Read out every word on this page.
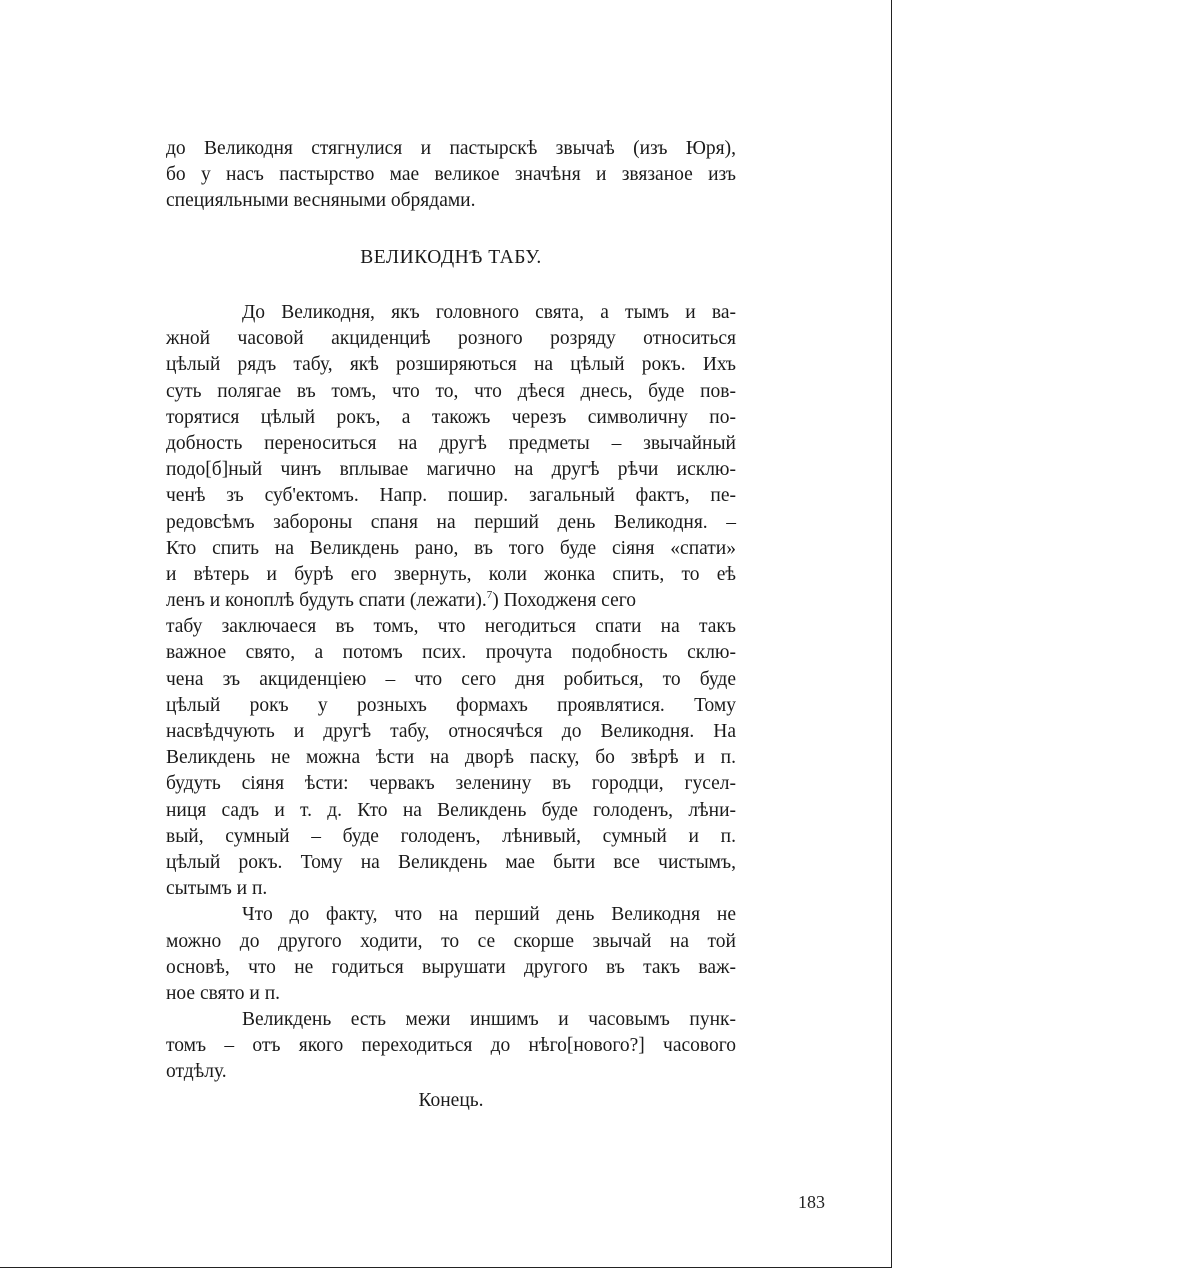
до Великодня стягнулися и пастырскѣ звычаѣ (изъ Юря),
бо у насъ пастырство мае великое значѣня и звязаное изъ
специяльными весняными обрядами.
ВЕЛИКОДНѢ ТАБУ.
До Великодня, якъ головного свята, а тымъ и ва-
жной часовой акциденциѣ розного розряду относиться
цѣлый рядъ табу, якѣ розширяються на цѣлый рокъ. Ихъ
суть полягае въ томъ, что то, что дѣеся днесь, буде пов-
торятися цѣлый рокъ, а такожъ черезъ символичну по-
добность переноситься на другѣ предметы – звычайный
подо[б]ный чинъ вплывае магично на другѣ рѣчи исклю-
ченѣ зъ суб'ектомъ. Напр. пошир. загальный фактъ, пе-
редовсѣмъ забороны спаня на перший день Великодня. –
Кто спить на Великдень рано, въ того буде сіяня «спати»
и вѣтерь и бурѣ его звернуть, коли жонка спить, то еѣ
ленъ и коноплѣ будуть спати (лежати).$^7$) Походженя сего
табу заключаеся въ томъ, что негодиться спати на такъ
важное свято, а потомъ псих. прочута подобность склю-
чена зъ акциденціею – что сего дня робиться, то буде
цѣлый рокъ у розныхъ формахъ проявлятися. Тому
насвѣдчують и другѣ табу, относячѣся до Великодня. На
Великдень не можна ѣсти на дворѣ паску, бо звѣрѣ и п.
будуть сіяня ѣсти: червакъ зеленину въ городци, гусел-
ниця садъ и т. д. Кто на Великдень буде голоденъ, лѣни-
вый, сумный – буде голоденъ, лѣнивый, сумный и п.
цѣлый рокъ. Тому на Великдень мае быти все чистымъ,
сытымъ и п.
Что до факту, что на перший день Великодня не
можно до другого ходити, то се скорше звычай на той
основѣ, что не годиться вырушати другого въ такъ важ-
ное свято и п.
Великдень есть межи иншимъ и часовымъ пунк-
томъ – отъ якого переходиться до нѣго[нового?] часового
отдѣлу.
Конець.
183
